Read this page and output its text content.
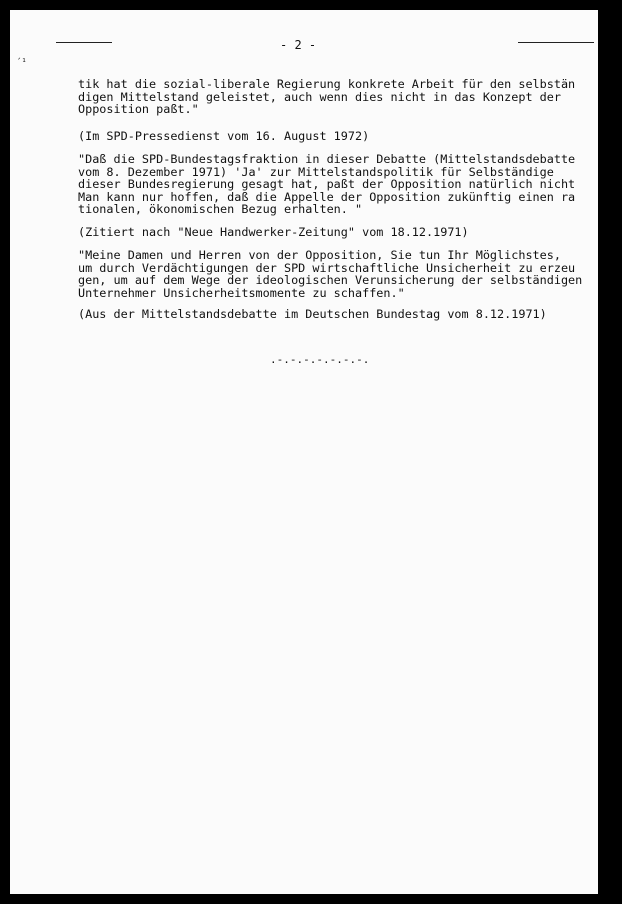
´¹
- 2 -
tik hat die sozial-liberale Regierung konkrete Arbeit für den selbstän
digen Mittelstand geleistet, auch wenn dies nicht in das Konzept der
Opposition paßt."
(Im SPD-Pressedienst vom 16. August 1972)
"Daß die SPD-Bundestagsfraktion in dieser Debatte (Mittelstandsdebatte
vom 8. Dezember 1971) 'Ja' zur Mittelstandspolitik für Selbständige
dieser Bundesregierung gesagt hat, paßt der Opposition natürlich nicht
Man kann nur hoffen, daß die Appelle der Opposition zukünftig einen ra
tionalen, ökonomischen Bezug erhalten. "
(Zitiert nach "Neue Handwerker-Zeitung" vom 18.12.1971)
"Meine Damen und Herren von der Opposition, Sie tun Ihr Möglichstes,
um durch Verdächtigungen der SPD wirtschaftliche Unsicherheit zu erzeu
gen, um auf dem Wege der ideologischen Verunsicherung der selbständigen
Unternehmer Unsicherheitsmomente zu schaffen."
(Aus der Mittelstandsdebatte im Deutschen Bundestag vom 8.12.1971)
.-.-.-.-.-.-.-.
